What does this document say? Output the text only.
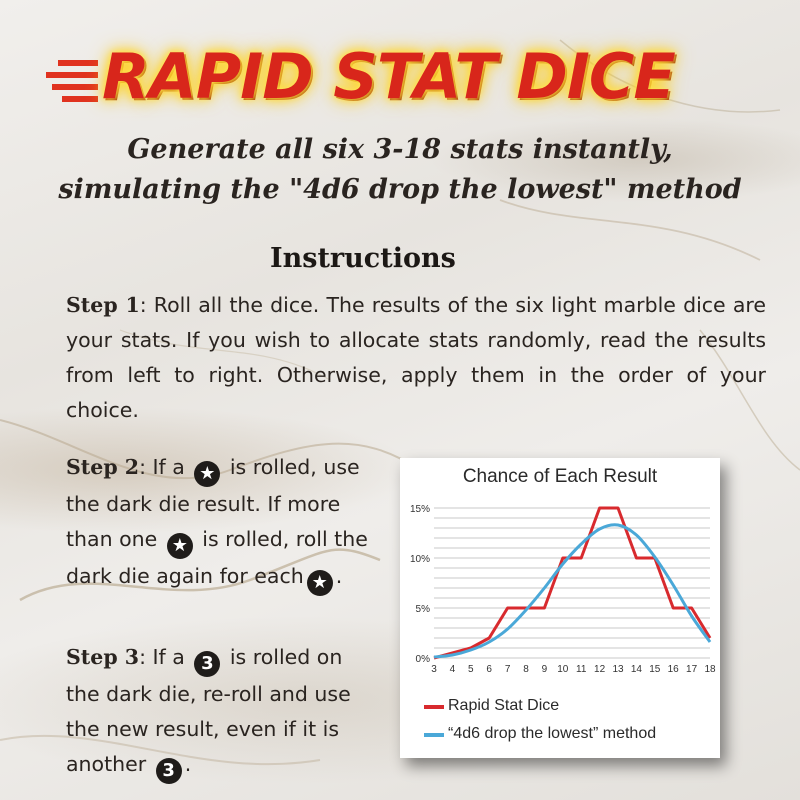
RAPID STAT DICE
Generate all six 3-18 stats instantly,
simulating the "4d6 drop the lowest" method
Instructions
Step 1: Roll all the dice. The results of the six light marble dice are your stats. If you wish to allocate stats randomly, read the results from left to right. Otherwise, apply them in the order of your choice.
Step 2: If a ★ is rolled, use the dark die result. If more than one ★ is rolled, roll the dark die again for each ★ .
Step 3: If a 3 is rolled on the dark die, re-roll and use the new result, even if it is another 3 .
0%
5%
10%
15%
3 4 5 6 7 8 9 10 11 12 13 14 15 16 17 18
Chance of Each Result
Rapid Stat Dice
“4d6 drop the lowest” method
